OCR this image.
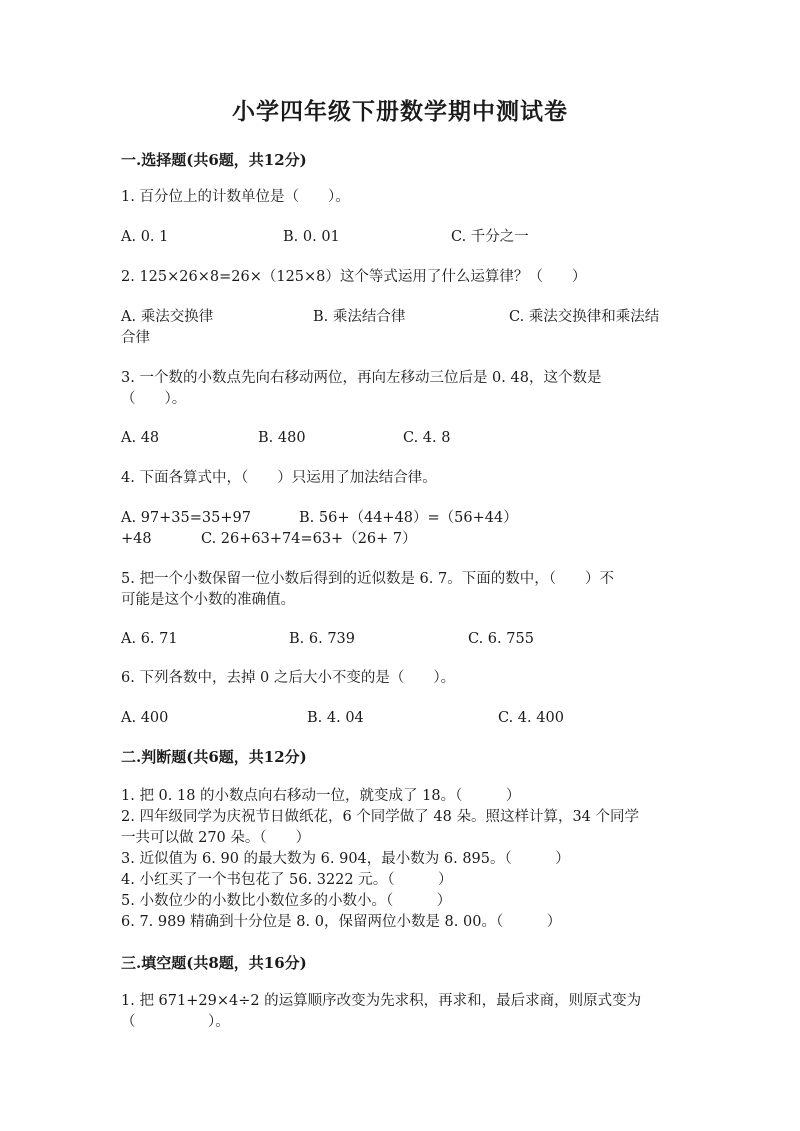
小学四年级下册数学期中测试卷
一.选择题(共6题，共12分)
1. 百分位上的计数单位是（　　）。
A. 0. 1	B. 0. 01	C. 千分之一
2. 125×26×8=26×（125×8）这个等式运用了什么运算律？（　　）
A. 乘法交换律	B. 乘法结合律	C. 乘法交换律和乘法结
合律
3. 一个数的小数点先向右移动两位，再向左移动三位后是 0. 48，这个数是
（　　）。
A. 48	B. 480	C. 4. 8
4. 下面各算式中，（　　）只运用了加法结合律。
A. 97+35=35+97	B. 56+（44+48）=（56+44）
+48	C. 26+63+74=63+（26+ 7）
5. 把一个小数保留一位小数后得到的近似数是 6. 7。下面的数中，（　　）不
可能是这个小数的准确值。
A. 6. 71	B. 6. 739	C. 6. 755
6. 下列各数中，去掉 0 之后大小不变的是（　　）。
A. 400	B. 4. 04	C. 4. 400
二.判断题(共6题，共12分)
1. 把 0. 18 的小数点向右移动一位，就变成了 18。（　　　）
2. 四年级同学为庆祝节日做纸花，6 个同学做了 48 朵。照这样计算，34 个同学
一共可以做 270 朵。（　　）
3. 近似值为 6. 90 的最大数为 6. 904，最小数为 6. 895。（　　　）
4. 小红买了一个书包花了 56. 3222 元。（　　　）
5. 小数位少的小数比小数位多的小数小。（　　　）
6. 7. 989 精确到十分位是 8. 0，保留两位小数是 8. 00。（　　　）
三.填空题(共8题，共16分)
1. 把 671+29×4÷2 的运算顺序改变为先求积，再求和，最后求商，则原式变为
（　　　　　）。
